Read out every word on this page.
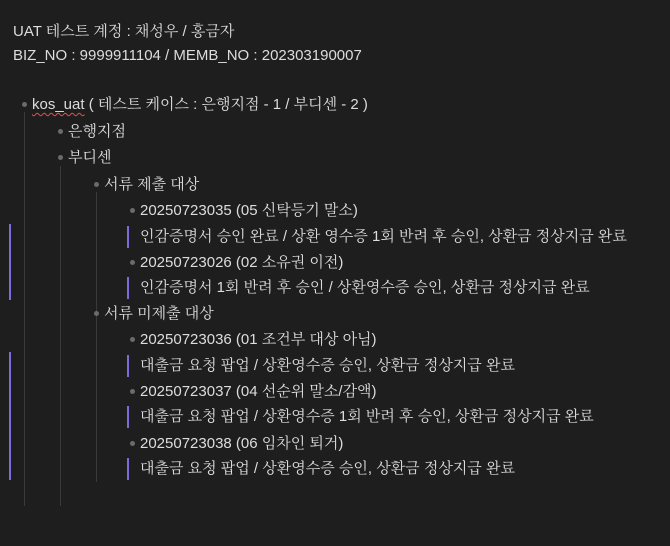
UAT 테스트 계정 : 채성우 / 홍금자
BIZ_NO : 9999911104 / MEMB_NO : 202303190007
kos_uat ( 테스트 케이스 : 은행지점 - 1 / 부디센 - 2 )
은행지점
부디센
서류 제출 대상
20250723035 (05 신탁등기 말소)
인감증명서 승인 완료 / 상환 영수증 1회 반려 후 승인, 상환금 정상지급 완료
20250723026 (02 소유권 이전)
인감증명서 1회 반려 후 승인 / 상환영수증 승인, 상환금 정상지급 완료
서류 미제출 대상
20250723036 (01 조건부 대상 아님)
대출금 요청 팝업 / 상환영수증 승인, 상환금 정상지급 완료
20250723037 (04 선순위 말소/감액)
대출금 요청 팝업 / 상환영수증 1회 반려 후 승인, 상환금 정상지급 완료
20250723038 (06 임차인 퇴거)
대출금 요청 팝업 / 상환영수증 승인, 상환금 정상지급 완료
